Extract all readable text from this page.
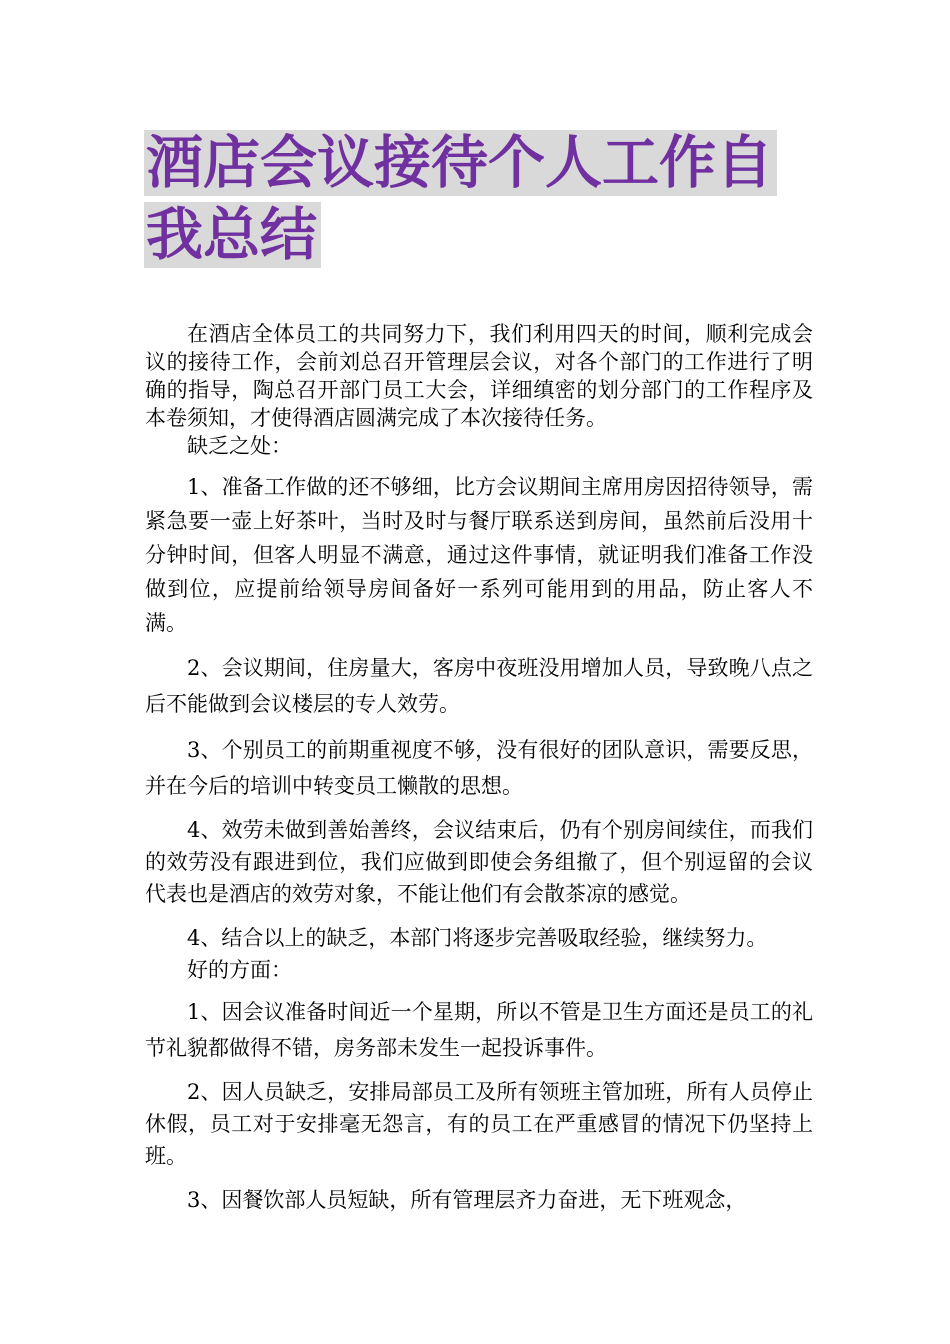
酒店会议接待个人工作自我总结

在酒店全体员工的共同努力下，我们利用四天的时间，顺利完成会议的接待工作，会前刘总召开管理层会议，对各个部门的工作进行了明确的指导，陶总召开部门员工大会，详细缜密的划分部门的工作程序及本卷须知，才使得酒店圆满完成了本次接待任务。

缺乏之处：

1、准备工作做的还不够细，比方会议期间主席用房因招待领导，需紧急要一壶上好茶叶，当时及时与餐厅联系送到房间，虽然前后没用十分钟时间，但客人明显不满意，通过这件事情，就证明我们准备工作没做到位，应提前给领导房间备好一系列可能用到的用品，防止客人不满。

2、会议期间，住房量大，客房中夜班没用增加人员，导致晚八点之后不能做到会议楼层的专人效劳。

3、个别员工的前期重视度不够，没有很好的团队意识，需要反思，并在今后的培训中转变员工懒散的思想。

4、效劳未做到善始善终，会议结束后，仍有个别房间续住，而我们的效劳没有跟进到位，我们应做到即使会务组撤了，但个别逗留的会议代表也是酒店的效劳对象，不能让他们有会散茶凉的感觉。

4、结合以上的缺乏，本部门将逐步完善吸取经验，继续努力。

好的方面：

1、因会议准备时间近一个星期，所以不管是卫生方面还是员工的礼节礼貌都做得不错，房务部未发生一起投诉事件。

2、因人员缺乏，安排局部员工及所有领班主管加班，所有人员停止休假，员工对于安排毫无怨言，有的员工在严重感冒的情况下仍坚持上班。

3、因餐饮部人员短缺，所有管理层齐力奋进，无下班观念，
